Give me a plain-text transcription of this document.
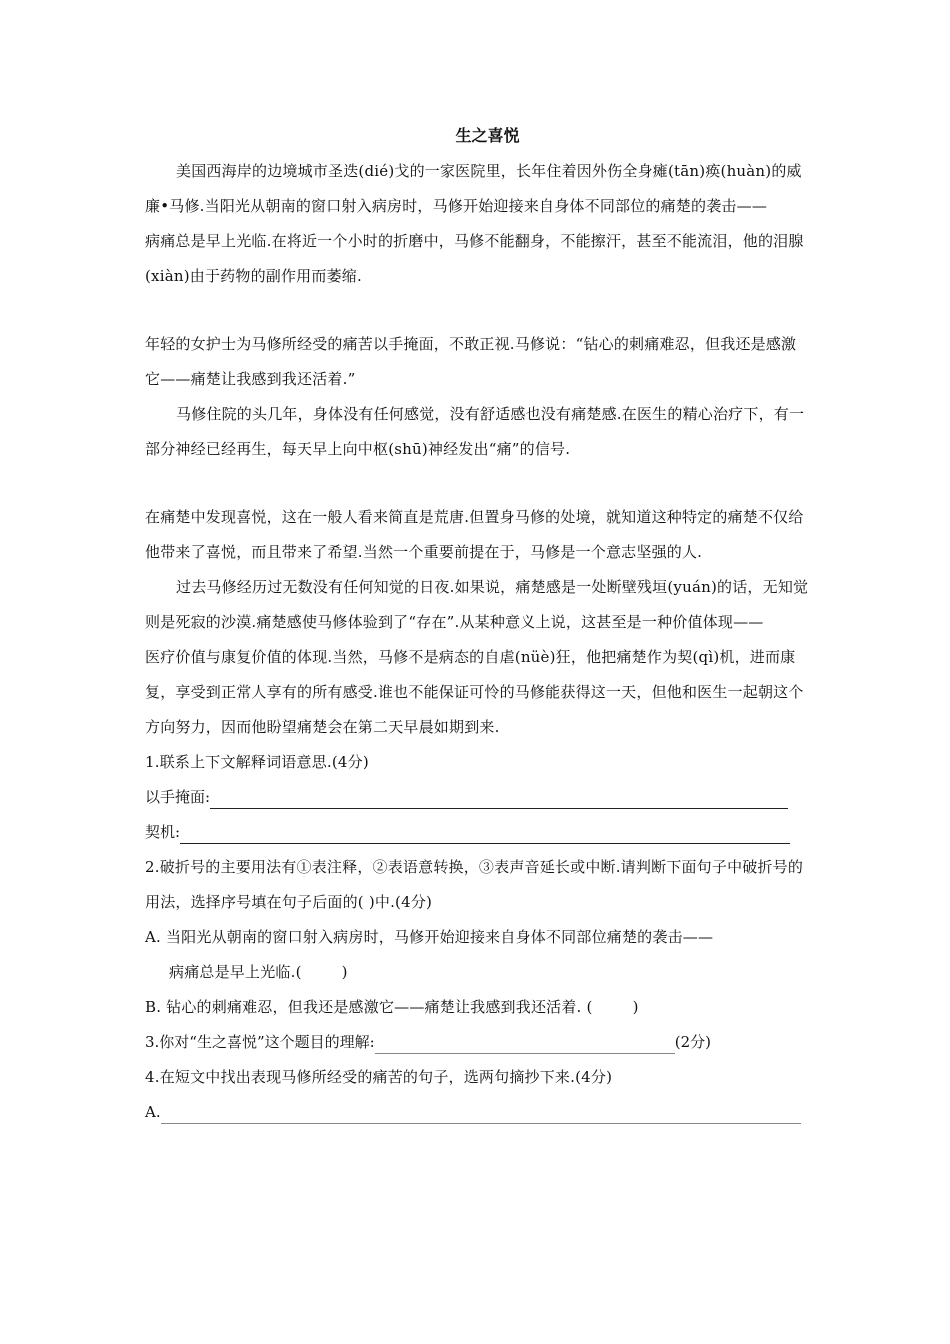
生之喜悦

美国西海岸的边境城市圣迭(dié)戈的一家医院里，长年住着因外伤全身瘫(tān)痪(huàn)的威廉•马修.当阳光从朝南的窗口射入病房时，马修开始迎接来自身体不同部位的痛楚的袭击——

病痛总是早上光临.在将近一个小时的折磨中，马修不能翻身，不能擦汗，甚至不能流泪，他的泪腺(xiàn)由于药物的副作用而萎缩.

年轻的女护士为马修所经受的痛苦以手掩面，不敢正视.马修说：“钻心的刺痛难忍，但我还是感激它——痛楚让我感到我还活着.”

马修住院的头几年，身体没有任何感觉，没有舒适感也没有痛楚感.在医生的精心治疗下，有一部分神经已经再生，每天早上向中枢(shū)神经发出“痛”的信号.

在痛楚中发现喜悦，这在一般人看来简直是荒唐.但置身马修的处境，就知道这种特定的痛楚不仅给他带来了喜悦，而且带来了希望.当然一个重要前提在于，马修是一个意志坚强的人.

过去马修经历过无数没有任何知觉的日夜.如果说，痛楚感是一处断壁残垣(yuán)的话，无知觉则是死寂的沙漠.痛楚感使马修体验到了“存在”.从某种意义上说，这甚至是一种价值体现——

医疗价值与康复价值的体现.当然，马修不是病态的自虐(nüè)狂，他把痛楚作为契(qì)机，进而康复，享受到正常人享有的所有感受.谁也不能保证可怜的马修能获得这一天，但他和医生一起朝这个方向努力，因而他盼望痛楚会在第二天早晨如期到来.

1.联系上下文解释词语意思.(4分)

以手掩面:
契机:

2.破折号的主要用法有①表注释，②表语意转换，③表声音延长或中断.请判断下面句子中破折号的用法，选择序号填在句子后面的( )中.(4分)

A. 当阳光从朝南的窗口射入病房时，马修开始迎接来自身体不同部位痛楚的袭击——

病痛总是早上光临.(	)
B. 钻心的刺痛难忍，但我还是感激它——痛楚让我感到我还活着. (	)
3.你对“生之喜悦”这个题目的理解:	(2分)

4.在短文中找出表现马修所经受的痛苦的句子，选两句摘抄下来.(4分)

A.
